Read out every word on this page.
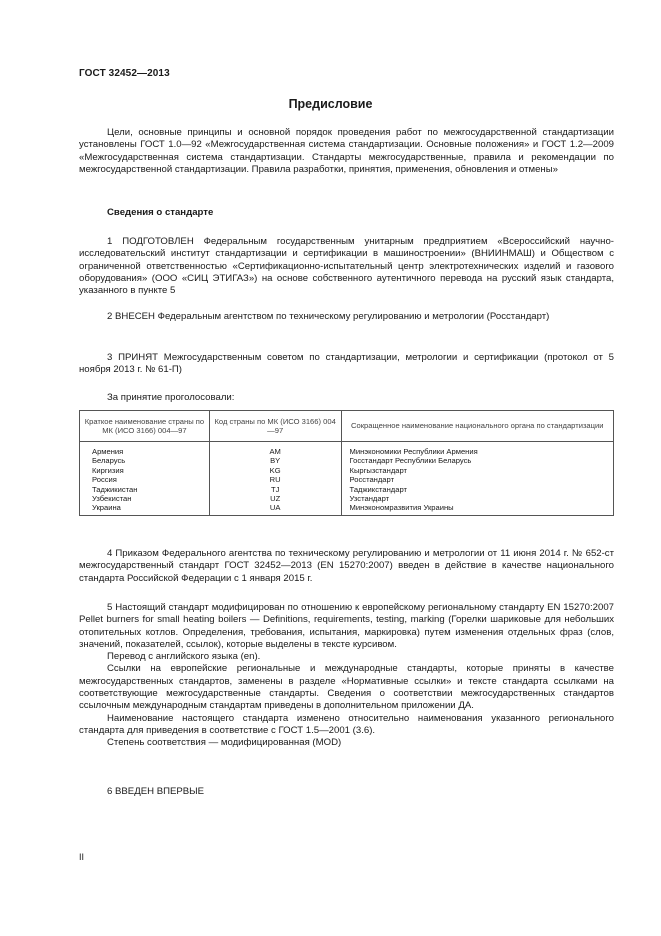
ГОСТ 32452—2013
Предисловие

Цели, основные принципы и основной порядок проведения работ по межгосударственной стандартизации установлены ГОСТ 1.0—92 «Межгосударственная система стандартизации. Основные положения» и ГОСТ 1.2—2009 «Межгосударственная система стандартизации. Стандарты межгосударственные, правила и рекомендации по межгосударственной стандартизации. Правила разработки, принятия, применения, обновления и отмены»

Сведения о стандарте

1 ПОДГОТОВЛЕН Федеральным государственным унитарным предприятием «Всероссийский научно-исследовательский институт стандартизации и сертификации в машиностроении» (ВНИИНМАШ) и Обществом с ограниченной ответственностью «Сертификационно-испытательный центр электротехнических изделий и газового оборудования» (ООО «СИЦ ЭТИГАЗ») на основе собственного аутентичного перевода на русский язык стандарта, указанного в пункте 5

2 ВНЕСЕН Федеральным агентством по техническому регулированию и метрологии (Росстандарт)

3 ПРИНЯТ Межгосударственным советом по стандартизации, метрологии и сертификации (протокол от 5 ноября 2013 г. № 61-П)

За принятие проголосовали:
Краткое наименование страны по МК (ИСО 3166) 004—97	Код страны по МК (ИСО 3166) 004—97	Сокращенное наименование национального органа по стандартизации
Армения	AM	Минэкономики Республики Армения
Беларусь	BY	Госстандарт Республики Беларусь
Киргизия	KG	Кыргызстандарт
Россия	RU	Росстандарт
Таджикистан	TJ	Таджикстандарт
Узбекистан	UZ	Узстандарт
Украина	UA	Минэкономразвития Украины

4 Приказом Федерального агентства по техническому регулированию и метрологии от 11 июня 2014 г. № 652-ст межгосударственный стандарт ГОСТ 32452—2013 (EN 15270:2007) введен в действие в качестве национального стандарта Российской Федерации с 1 января 2015 г.

5 Настоящий стандарт модифицирован по отношению к европейскому региональному стандарту EN 15270:2007 Pellet burners for small heating boilers — Definitions, requirements, testing, marking (Горелки шариковые для небольших отопительных котлов. Определения, требования, испытания, маркировка) путем изменения отдельных фраз (слов, значений, показателей, ссылок), которые выделены в тексте курсивом.

Перевод с английского языка (en).

Ссылки на европейские региональные и международные стандарты, которые приняты в качестве межгосударственных стандартов, заменены в разделе «Нормативные ссылки» и тексте стандарта ссылками на соответствующие межгосударственные стандарты. Сведения о соответствии межгосударственных стандартов ссылочным международным стандартам приведены в дополнительном приложении ДА.

Наименование настоящего стандарта изменено относительно наименования указанного регионального стандарта для приведения в соответствие с ГОСТ 1.5—2001 (3.6).

Степень соответствия — модифицированная (MOD)

6 ВВЕДЕН ВПЕРВЫЕ

II
